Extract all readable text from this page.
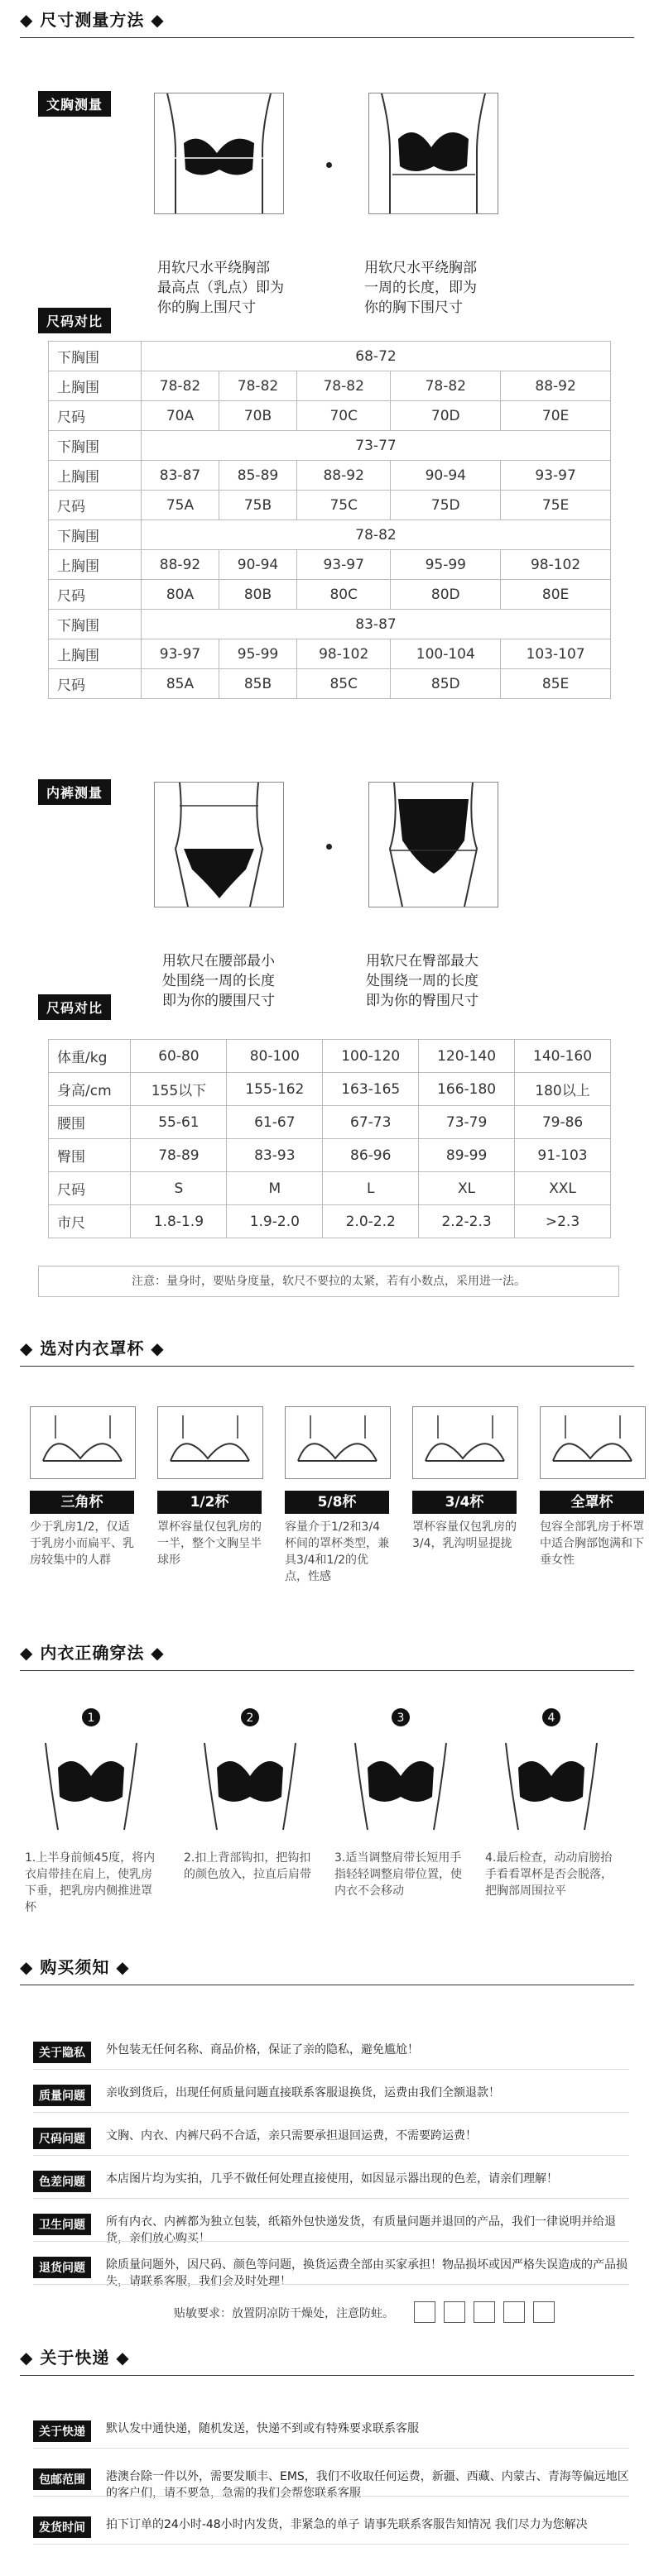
◆ 尺寸测量方法 ◆
文胸测量
用软尺水平绕胸部
最高点（乳点）即为
你的胸上围尺寸
用软尺水平绕胸部
一周的长度，即为
你的胸下围尺寸
尺码对比
下胸围	68-72				
上胸围	78-82	78-82	78-82	78-82	88-92
尺码	70A	70B	70C	70D	70E
下胸围	73-77				
上胸围	83-87	85-89	88-92	90-94	93-97
尺码	75A	75B	75C	75D	75E
下胸围	78-82				
上胸围	88-92	90-94	93-97	95-99	98-102
尺码	80A	80B	80C	80D	80E
下胸围	83-87				
上胸围	93-97	95-99	98-102	100-104	103-107
尺码	85A	85B	85C	85D	85E
内裤测量
用软尺在腰部最小
处围绕一周的长度
即为你的腰围尺寸
用软尺在臀部最大
处围绕一周的长度
即为你的臀围尺寸
尺码对比
体重/kg	60-80	80-100	100-120	120-140	140-160
身高/cm	155以下	155-162	163-165	166-180	180以上
腰围	55-61	61-67	67-73	73-79	79-86
臀围	78-89	83-93	86-96	89-99	91-103
尺码	S	M	L	XL	XXL
市尺	1.8-1.9	1.9-2.0	2.0-2.2	2.2-2.3	>2.3
注意：量身时，要贴身度量，软尺不要拉的太紧，若有小数点，采用进一法。
◆ 选对内衣罩杯 ◆
三角杯
少于乳房1/2，仅适于乳房小而扁平、乳房较集中的人群
1/2杯
罩杯容量仅包乳房的一半，整个文胸呈半球形
5/8杯
容量介于1/2和3/4杯间的罩杯类型，兼具3/4和1/2的优点，性感
3/4杯
罩杯容量仅包乳房的3/4，乳沟明显提拢
全罩杯
包容全部乳房于杯罩中适合胸部饱满和下垂女性
◆ 内衣正确穿法 ◆
1
1.上半身前倾45度，将内衣肩带挂在肩上，使乳房下垂，把乳房内侧推进罩杯
2
2.扣上背部钩扣，把钩扣的颜色放入，拉直后肩带
3
3.适当调整肩带长短用手指轻轻调整肩带位置，使内衣不会移动
4
4.最后检查，动动肩膀抬手看看罩杯是否会脱落，把胸部周围拉平
◆ 购买须知 ◆
关于隐私	外包装无任何名称、商品价格，保证了亲的隐私，避免尴尬！
质量问题	亲收到货后，出现任何质量问题直接联系客服退换货，运费由我们全额退款！
尺码问题	文胸、内衣、内裤尺码不合适，亲只需要承担退回运费，不需要跨运费！
色差问题	本店图片均为实拍，几乎不做任何处理直接使用，如因显示器出现的色差，请亲们理解！
卫生问题	所有内衣、内裤都为独立包装，纸箱外包快递发货，有质量问题并退回的产品，我们一律说明并给退货，亲们放心购买！
退货问题	除质量问题外，因尺码、颜色等问题，换货运费全部由买家承担！物品损坏或因严格失误造成的产品损失，请联系客服，我们会及时处理！
贴敏要求：放置阴凉防干燥处，注意防蛀。
◆ 关于快递 ◆
关于快递	默认发中通快递，随机发送，快递不到或有特殊要求联系客服
包邮范围	港澳台除一件以外，需要发顺丰、EMS，我们不收取任何运费，新疆、西藏、内蒙古、青海等偏远地区的客户们，请不要急，急需的我们会帮您联系客服
发货时间	拍下订单的24小时-48小时内发货，非紧急的单子 请事先联系客服告知情况 我们尽力为您解决
